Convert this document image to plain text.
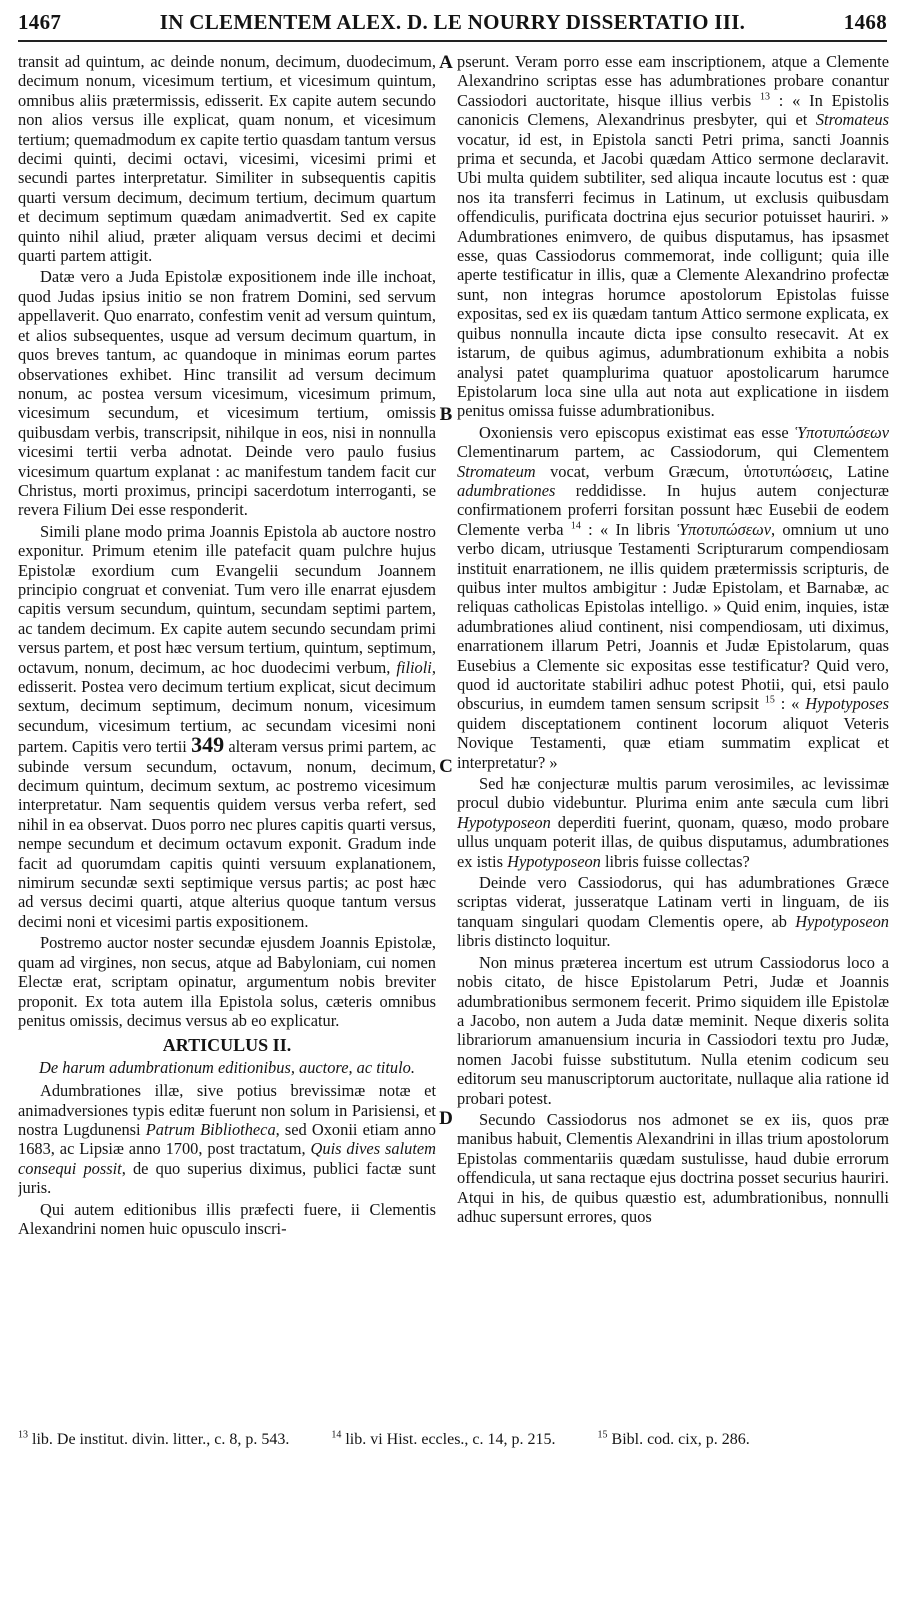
1467	IN CLEMENTEM ALEX. D. LE NOURRY DISSERTATIO III.	1468
A
B
C
D

transit ad quintum, ac deinde nonum, decimum, duodecimum, decimum nonum, vicesimum tertium, et vicesimum quintum, omnibus aliis prætermissis, edisserit. Ex capite autem secundo non alios versus ille explicat, quam nonum, et vicesimum tertium; quemadmodum ex capite tertio quasdam tantum versus decimi quinti, decimi octavi, vicesimi, vicesimi primi et secundi partes interpretatur. Similiter in subsequentis capitis quarti versum decimum, decimum tertium, decimum quartum et decimum septimum quædam animadvertit. Sed ex capite quinto nihil aliud, præter aliquam versus decimi et decimi quarti partem attigit.

Datæ vero a Juda Epistolæ expositionem inde ille inchoat, quod Judas ipsius initio se non fratrem Domini, sed servum appellaverit. Quo enarrato, confestim venit ad versum quintum, et alios subsequentes, usque ad versum decimum quartum, in quos breves tantum, ac quandoque in minimas eorum partes observationes exhibet. Hinc transilit ad versum decimum nonum, ac postea versum vicesimum, vicesimum primum, vicesimum secundum, et vicesimum tertium, omissis quibusdam verbis, transcripsit, nihilque in eos, nisi in nonnulla vicesimi tertii verba adnotat. Deinde vero paulo fusius vicesimum quartum explanat : ac manifestum tandem facit cur Christus, morti proximus, principi sacerdotum interroganti, se revera Filium Dei esse responderit.

Simili plane modo prima Joannis Epistola ab auctore nostro exponitur. Primum etenim ille patefacit quam pulchre hujus Epistolæ exordium cum Evangelii secundum Joannem principio congruat et conveniat. Tum vero ille enarrat ejusdem capitis versum secundum, quintum, secundam septimi partem, ac tandem decimum. Ex capite autem secundo secundam primi versus partem, et post hæc versum tertium, quintum, septimum, octavum, nonum, decimum, ac hoc duodecimi verbum, filioli, edisserit. Postea vero decimum tertium explicat, sicut decimum sextum, decimum septimum, decimum nonum, vicesimum secundum, vicesimum tertium, ac secundam vicesimi noni partem. Capitis vero tertii 349 alteram versus primi partem, ac subinde versum secundum, octavum, nonum, decimum, decimum quintum, decimum sextum, ac postremo vicesimum interpretatur. Nam sequentis quidem versus verba refert, sed nihil in ea observat. Duos porro nec plures capitis quarti versus, nempe secundum et decimum octavum exponit. Gradum inde facit ad quorumdam capitis quinti versuum explanationem, nimirum secundæ sexti septimique versus partis; ac post hæc ad versus decimi quarti, atque alterius quoque tantum versus decimi noni et vicesimi partis expositionem.

Postremo auctor noster secundæ ejusdem Joannis Epistolæ, quam ad virgines, non secus, atque ad Babyloniam, cui nomen Electæ erat, scriptam opinatur, argumentum nobis breviter proponit. Ex tota autem illa Epistola solus, cæteris omnibus penitus omissis, decimus versus ab eo explicatur.

ARTICULUS II.

De harum adumbrationum editionibus, auctore, ac titulo.

Adumbrationes illæ, sive potius brevissimæ notæ et animadversiones typis editæ fuerunt non solum in Parisiensi, et nostra Lugdunensi Patrum Bibliotheca, sed Oxonii etiam anno 1683, ac Lipsiæ anno 1700, post tractatum, Quis dives salutem consequi possit, de quo superius diximus, publici factæ sunt juris.

Qui autem editionibus illis præfecti fuere, ii Clementis Alexandrini nomen huic opusculo inscri-

pserunt. Veram porro esse eam inscriptionem, atque a Clemente Alexandrino scriptas esse has adumbrationes probare conantur Cassiodori auctoritate, hisque illius verbis $^{13}$ : « In Epistolis canonicis Clemens, Alexandrinus presbyter, qui et Stromateus vocatur, id est, in Epistola sancti Petri prima, sancti Joannis prima et secunda, et Jacobi quædam Attico sermone declaravit. Ubi multa quidem subtiliter, sed aliqua incaute locutus est : quæ nos ita transferri fecimus in Latinum, ut exclusis quibusdam offendiculis, purificata doctrina ejus securior potuisset hauriri. » Adumbrationes enimvero, de quibus disputamus, has ipsasmet esse, quas Cassiodorus commemorat, inde colligunt; quia ille aperte testificatur in illis, quæ a Clemente Alexandrino profectæ sunt, non integras horumce apostolorum Epistolas fuisse expositas, sed ex iis quædam tantum Attico sermone explicata, ex quibus nonnulla incaute dicta ipse consulto resecavit. At ex istarum, de quibus agimus, adumbrationum exhibita a nobis analysi patet quamplurima quatuor apostolicarum harumce Epistolarum loca sine ulla aut nota aut explicatione in iisdem penitus omissa fuisse adumbrationibus.

Oxoniensis vero episcopus existimat eas esse Ὑποτυπώσεων Clementinarum partem, ac Cassiodorum, qui Clementem Stromateum vocat, verbum Græcum, ὑποτυπώσεις, Latine adumbrationes reddidisse. In hujus autem conjecturæ confirmationem proferri forsitan possunt hæc Eusebii de eodem Clemente verba $^{14}$ : « In libris Ὑποτυπώσεων, omnium ut uno verbo dicam, utriusque Testamenti Scripturarum compendiosam instituit enarrationem, ne illis quidem prætermissis scripturis, de quibus inter multos ambigitur : Judæ Epistolam, et Barnabæ, ac reliquas catholicas Epistolas intelligo. » Quid enim, inquies, istæ adumbrationes aliud continent, nisi compendiosam, uti diximus, enarrationem illarum Petri, Joannis et Judæ Epistolarum, quas Eusebius a Clemente sic expositas esse testificatur? Quid vero, quod id auctoritate stabiliri adhuc potest Photii, qui, etsi paulo obscurius, in eumdem tamen sensum scripsit $^{15}$ : « Hypotyposes quidem disceptationem continent locorum aliquot Veteris Novique Testamenti, quæ etiam summatim explicat et interpretatur? »

Sed hæ conjecturæ multis parum verosimiles, ac levissimæ procul dubio videbuntur. Plurima enim ante sæcula cum libri Hypotyposeon deperditi fuerint, quonam, quæso, modo probare ullus unquam poterit illas, de quibus disputamus, adumbrationes ex istis Hypotyposeon libris fuisse collectas?

Deinde vero Cassiodorus, qui has adumbrationes Græce scriptas viderat, jusseratque Latinam verti in linguam, de iis tanquam singulari quodam Clementis opere, ab Hypotyposeon libris distincto loquitur.

Non minus præterea incertum est utrum Cassiodorus loco a nobis citato, de hisce Epistolarum Petri, Judæ et Joannis adumbrationibus sermonem fecerit. Primo siquidem ille Epistolæ a Jacobo, non autem a Juda datæ meminit. Neque dixeris solita librariorum amanuensium incuria in Cassiodori textu pro Judæ, nomen Jacobi fuisse substitutum. Nulla etenim codicum seu editorum seu manuscriptorum auctoritate, nullaque alia ratione id probari potest.

Secundo Cassiodorus nos admonet se ex iis, quos præ manibus habuit, Clementis Alexandrini in illas trium apostolorum Epistolas commentariis quædam sustulisse, haud dubie errorum offendicula, ut sana rectaque ejus doctrina posset securius hauriri. Atqui in his, de quibus quæstio est, adumbrationibus, nonnulli adhuc supersunt errores, quos

$^{13}$ lib. De institut. divin. litter., c. 8, p. 543.	$^{14}$ lib. vi Hist. eccles., c. 14, p. 215.	$^{15}$ Bibl. cod. cix, p. 286.
